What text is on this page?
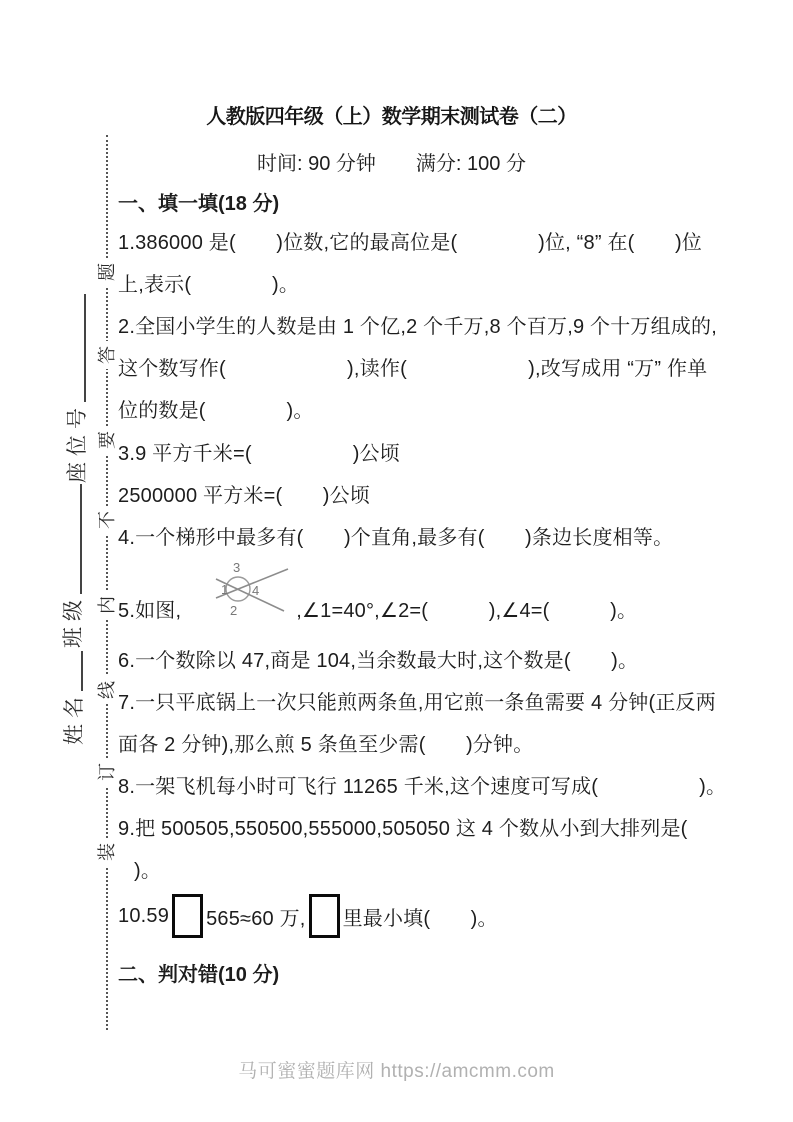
题
答
要
不
内
线
订
装
座位号
班级
姓名
人教版四年级（上）数学期末测试卷（二）
时间: 90 分钟　　满分: 100 分
一、填一填(18 分)
1.386000 是(　　)位数,它的最高位是(　　　　)位, “8” 在(　　)位
上,表示(　　　　)。
2.全国小学生的人数是由 1 个亿,2 个千万,8 个百万,9 个十万组成的,
这个数写作(　　　　　　),读作(　　　　　　),改写成用 “万” 作单
位的数是(　　　　)。
3.9 平方千米=(　　　　　)公顷
2500000 平方米=(　　)公顷
4.一个梯形中最多有(　　)个直角,最多有(　　)条边长度相等。
5.如图,
3
1 4
2	,∠1=40°,∠2=(　　　),∠4=(　　　)。
6.一个数除以 47,商是 104,当余数最大时,这个数是(　　)。
7.一只平底锅上一次只能煎两条鱼,用它煎一条鱼需要 4 分钟(正反两
面各 2 分钟),那么煎 5 条鱼至少需(　　)分钟。
8.一架飞机每小时可飞行 11265 千米,这个速度可写成(　　　　　)。
9.把 500505,550500,555000,505050 这 4 个数从小到大排列是(
)。
10.59 565≈60 万, 里最小填(　　)。
二、判对错(10 分)
马可蜜蜜题库网 https://amcmm.com
